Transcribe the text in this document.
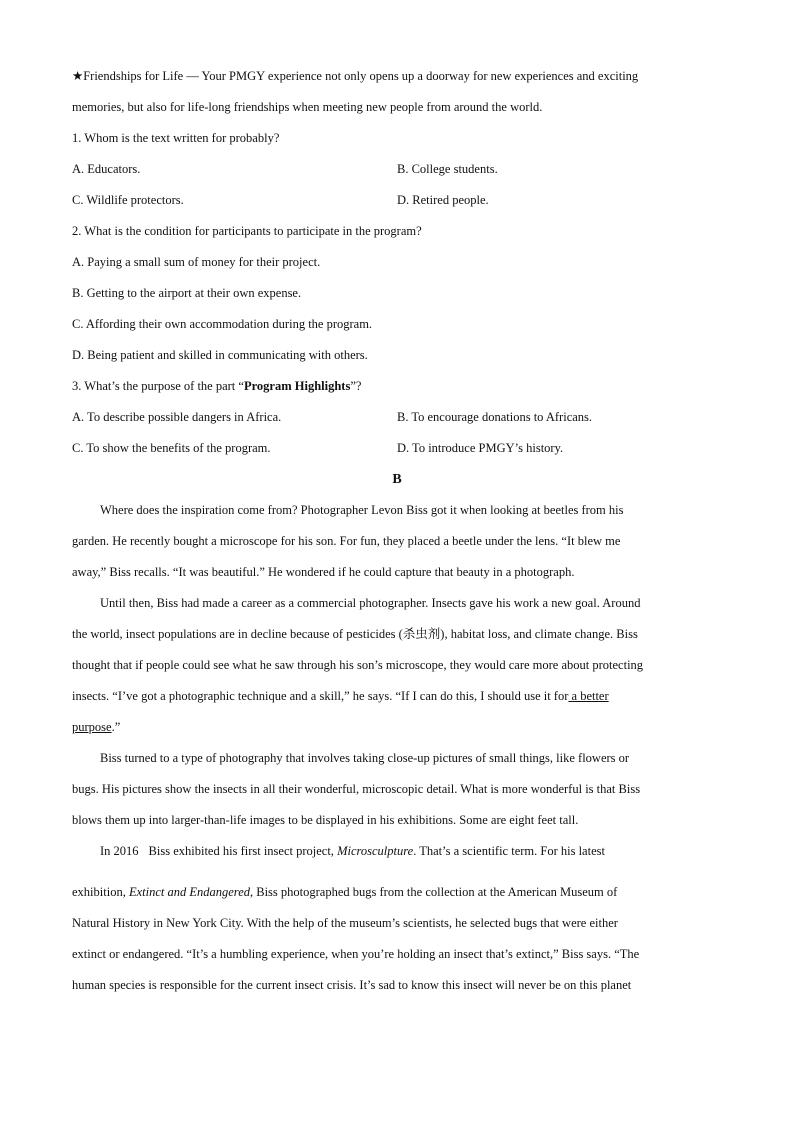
★Friendships for Life — Your PMGY experience not only opens up a doorway for new experiences and exciting
memories, but also for life-long friendships when meeting new people from around the world.
1. Whom is the text written for probably?
A. Educators.	B. College students.
C. Wildlife protectors.	D. Retired people.
2. What is the condition for participants to participate in the program?
A. Paying a small sum of money for their project.
B. Getting to the airport at their own expense.
C. Affording their own accommodation during the program.
D. Being patient and skilled in communicating with others.
3. What’s the purpose of the part “Program Highlights”?
A. To describe possible dangers in Africa.	B. To encourage donations to Africans.
C. To show the benefits of the program.	D. To introduce PMGY’s history.
B
Where does the inspiration come from? Photographer Levon Biss got it when looking at beetles from his
garden. He recently bought a microscope for his son. For fun, they placed a beetle under the lens. “It blew me
away,” Biss recalls. “It was beautiful.” He wondered if he could capture that beauty in a photograph.
Until then, Biss had made a career as a commercial photographer. Insects gave his work a new goal. Around
the world, insect populations are in decline because of pesticides (杀虫剂), habitat loss, and climate change. Biss
thought that if people could see what he saw through his son’s microscope, they would care more about protecting
insects. “I’ve got a photographic technique and a skill,” he says. “If I can do this, I should use it for a better
purpose.”
Biss turned to a type of photography that involves taking close-up pictures of small things, like flowers or
bugs. His pictures show the insects in all their wonderful, microscopic detail. What is more wonderful is that Biss
blows them up into larger-than-life images to be displayed in his exhibitions. Some are eight feet tall.
In 2016 Biss exhibited his first insect project, Microsculpture. That’s a scientific term. For his latest
exhibition, Extinct and Endangered, Biss photographed bugs from the collection at the American Museum of
Natural History in New York City. With the help of the museum’s scientists, he selected bugs that were either
extinct or endangered. “It’s a humbling experience, when you’re holding an insect that’s extinct,” Biss says. “The
human species is responsible for the current insect crisis. It’s sad to know this insect will never be on this planet
